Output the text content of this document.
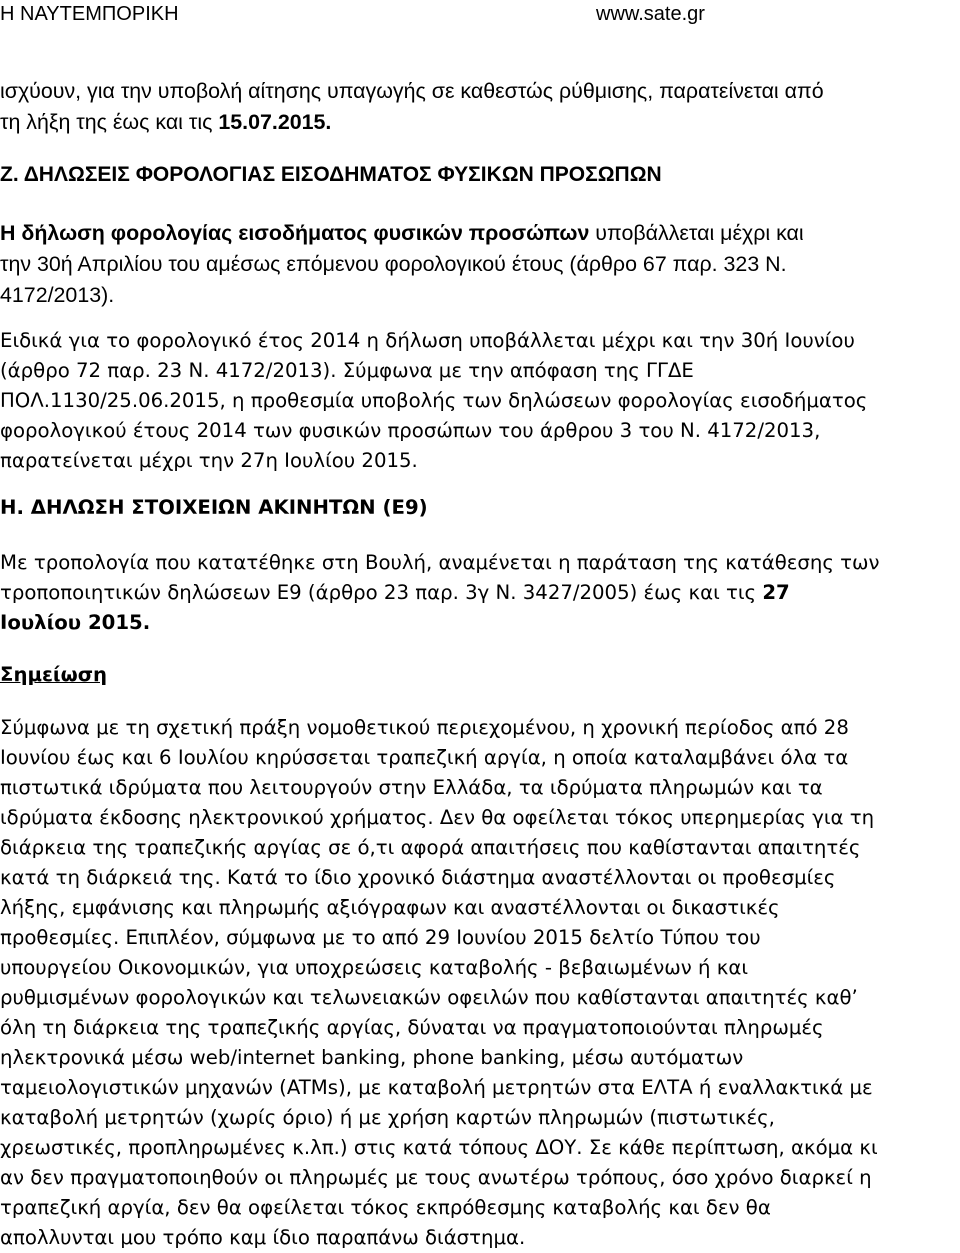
Η ΝΑΥΤΕΜΠΟΡΙΚΗ	www.sate.gr
ισχύουν, για την υποβολή αίτησης υπαγωγής σε καθεστώς ρύθμισης, παρατείνεται από
τη λήξη της έως και τις 15.07.2015.
Ζ. ΔΗΛΩΣΕΙΣ ΦΟΡΟΛΟΓΙΑΣ ΕΙΣΟΔΗΜΑΤΟΣ ΦΥΣΙΚΩΝ ΠΡΟΣΩΠΩΝ
Η δήλωση φορολογίας εισοδήματος φυσικών προσώπων υποβάλλεται μέχρι και
την 30ή Απριλίου του αμέσως επόμενου φορολογικού έτους (άρθρο 67 παρ. 323 Ν.
4172/2013).
Ειδικά για το φορολογικό έτος 2014 η δήλωση υποβάλλεται μέχρι και την 30ή Ιουνίου
(άρθρο 72 παρ. 23 Ν. 4172/2013). Σύμφωνα με την απόφαση της ΓΓΔΕ
ΠΟΛ.1130/25.06.2015, η προθεσμία υποβολής των δηλώσεων φορολογίας εισοδήματος
φορολογικού έτους 2014 των φυσικών προσώπων του άρθρου 3 του Ν. 4172/2013,
παρατείνεται μέχρι την 27η Ιουλίου 2015.
Η. ΔΗΛΩΣΗ ΣΤΟΙΧΕΙΩΝ ΑΚΙΝΗΤΩΝ (Ε9)
Με τροπολογία που κατατέθηκε στη Βουλή, αναμένεται η παράταση της κατάθεσης των
τροποποιητικών δηλώσεων Ε9 (άρθρο 23 παρ. 3γ Ν. 3427/2005) έως και τις 27
Ιουλίου 2015.
Σημείωση
Σύμφωνα με τη σχετική πράξη νομοθετικού περιεχομένου, η χρονική περίοδος από 28
Ιουνίου έως και 6 Ιουλίου κηρύσσεται τραπεζική αργία, η οποία καταλαμβάνει όλα τα
πιστωτικά ιδρύματα που λειτουργούν στην Ελλάδα, τα ιδρύματα πληρωμών και τα
ιδρύματα έκδοσης ηλεκτρονικού χρήματος. Δεν θα οφείλεται τόκος υπερημερίας για τη
διάρκεια της τραπεζικής αργίας σε ό,τι αφορά απαιτήσεις που καθίστανται απαιτητές
κατά τη διάρκειά της. Κατά το ίδιο χρονικό διάστημα αναστέλλονται οι προθεσμίες
λήξης, εμφάνισης και πληρωμής αξιόγραφων και αναστέλλονται οι δικαστικές
προθεσμίες. Επιπλέον, σύμφωνα με το από 29 Ιουνίου 2015 δελτίο Τύπου του
υπουργείου Οικονομικών, για υποχρεώσεις καταβολής - βεβαιωμένων ή και
ρυθμισμένων φορολογικών και τελωνειακών οφειλών που καθίστανται απαιτητές καθ’
όλη τη διάρκεια της τραπεζικής αργίας, δύναται να πραγματοποιούνται πληρωμές
ηλεκτρονικά μέσω web/internet banking, phone banking, μέσω αυτόματων
ταμειολογιστικών μηχανών (ATMs), με καταβολή μετρητών στα ΕΛΤΑ ή εναλλακτικά με
καταβολή μετρητών (χωρίς όριο) ή με χρήση καρτών πληρωμών (πιστωτικές,
χρεωστικές, προπληρωμένες κ.λπ.) στις κατά τόπους ΔΟΥ. Σε κάθε περίπτωση, ακόμα κι
αν δεν πραγματοποιηθούν οι πληρωμές με τους ανωτέρω τρόπους, όσο χρόνο διαρκεί η
τραπεζική αργία, δεν θα οφείλεται τόκος εκπρόθεσμης καταβολής και δεν θα
απολλυνται μου τρόπο καμ ίδιο παραπάνω διάστημα.
